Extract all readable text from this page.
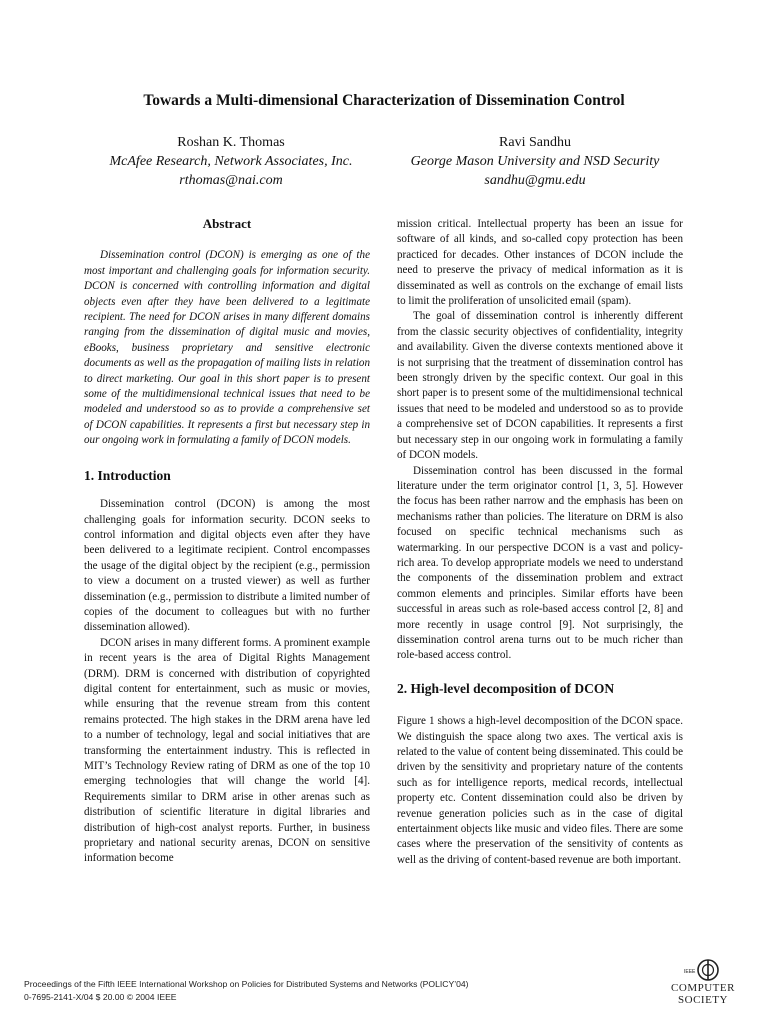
Towards a Multi-dimensional Characterization of Dissemination Control
Roshan K. Thomas
McAfee Research, Network Associates, Inc.
rthomas@nai.com
Ravi Sandhu
George Mason University and NSD Security
sandhu@gmu.edu
Abstract

Dissemination control (DCON) is emerging as one of the most important and challenging goals for information security. DCON is concerned with controlling information and digital objects even after they have been delivered to a legitimate recipient. The need for DCON arises in many different domains ranging from the dissemination of digital music and movies, eBooks, business proprietary and sensitive electronic documents as well as the propagation of mailing lists in relation to direct marketing. Our goal in this short paper is to present some of the multidimensional technical issues that need to be modeled and understood so as to provide a comprehensive set of DCON capabilities. It represents a first but necessary step in our ongoing work in formulating a family of DCON models.

1. Introduction

Dissemination control (DCON) is among the most challenging goals for information security. DCON seeks to control information and digital objects even after they have been delivered to a legitimate recipient. Control encompasses the usage of the digital object by the recipient (e.g., permission to view a document on a trusted viewer) as well as further dissemination (e.g., permission to distribute a limited number of copies of the document to colleagues but with no further dissemination allowed).

DCON arises in many different forms. A prominent example in recent years is the area of Digital Rights Management (DRM). DRM is concerned with distribution of copyrighted digital content for entertainment, such as music or movies, while ensuring that the revenue stream from this content remains protected. The high stakes in the DRM arena have led to a number of technology, legal and social initiatives that are transforming the entertainment industry. This is reflected in MIT’s Technology Review rating of DRM as one of the top 10 emerging technologies that will change the world [4]. Requirements similar to DRM arise in other arenas such as distribution of scientific literature in digital libraries and distribution of high-cost analyst reports. Further, in business proprietary and national security arenas, DCON on sensitive information become

mission critical. Intellectual property has been an issue for software of all kinds, and so-called copy protection has been practiced for decades. Other instances of DCON include the need to preserve the privacy of medical information as it is disseminated as well as controls on the exchange of email lists to limit the proliferation of unsolicited email (spam).

The goal of dissemination control is inherently different from the classic security objectives of confidentiality, integrity and availability. Given the diverse contexts mentioned above it is not surprising that the treatment of dissemination control has been strongly driven by the specific context. Our goal in this short paper is to present some of the multidimensional technical issues that need to be modeled and understood so as to provide a comprehensive set of DCON capabilities. It represents a first but necessary step in our ongoing work in formulating a family of DCON models.

Dissemination control has been discussed in the formal literature under the term originator control [1, 3, 5]. However the focus has been rather narrow and the emphasis has been on mechanisms rather than policies. The literature on DRM is also focused on specific technical mechanisms such as watermarking. In our perspective DCON is a vast and policy-rich area. To develop appropriate models we need to understand the components of the dissemination problem and extract common elements and principles. Similar efforts have been successful in areas such as role-based access control [2, 8] and more recently in usage control [9]. Not surprisingly, the dissemination control arena turns out to be much richer than role-based access control.

2. High-level decomposition of DCON

Figure 1 shows a high-level decomposition of the DCON space. We distinguish the space along two axes. The vertical axis is related to the value of content being disseminated. This could be driven by the sensitivity and proprietary nature of the contents such as for intelligence reports, medical records, intellectual property etc. Content dissemination could also be driven by revenue generation policies such as in the case of digital entertainment objects like music and video files. There are some cases where the preservation of the sensitivity of contents as well as the driving of content-based revenue are both important.

Proceedings of the Fifth IEEE International Workshop on Policies for Distributed Systems and Networks (POLICY’04)
0-7695-2141-X/04 $ 20.00 © 2004 IEEE
IEEE
COMPUTER
SOCIETY
